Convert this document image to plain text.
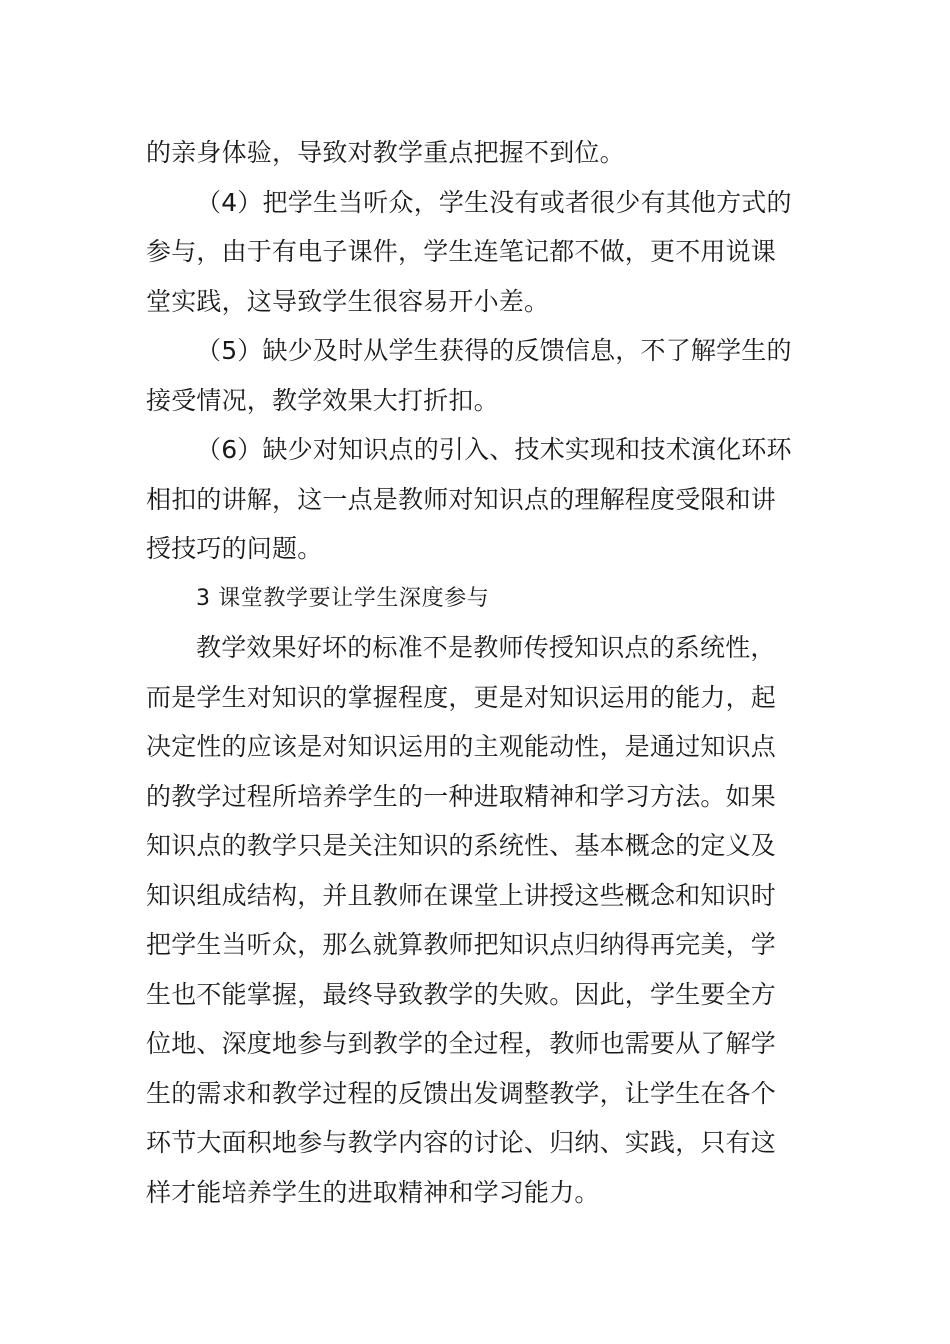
的亲身体验，导致对教学重点把握不到位。
（4）把学生当听众，学生没有或者很少有其他方式的
参与，由于有电子课件，学生连笔记都不做，更不用说课
堂实践，这导致学生很容易开小差。
（5）缺少及时从学生获得的反馈信息，不了解学生的
接受情况，教学效果大打折扣。
（6）缺少对知识点的引入、技术实现和技术演化环环
相扣的讲解，这一点是教师对知识点的理解程度受限和讲
授技巧的问题。
3 课堂教学要让学生深度参与
教学效果好坏的标准不是教师传授知识点的系统性，
而是学生对知识的掌握程度，更是对知识运用的能力，起
决定性的应该是对知识运用的主观能动性，是通过知识点
的教学过程所培养学生的一种进取精神和学习方法。如果
知识点的教学只是关注知识的系统性、基本概念的定义及
知识组成结构，并且教师在课堂上讲授这些概念和知识时
把学生当听众，那么就算教师把知识点归纳得再完美，学
生也不能掌握，最终导致教学的失败。因此，学生要全方
位地、深度地参与到教学的全过程，教师也需要从了解学
生的需求和教学过程的反馈出发调整教学，让学生在各个
环节大面积地参与教学内容的讨论、归纳、实践，只有这
样才能培养学生的进取精神和学习能力。
